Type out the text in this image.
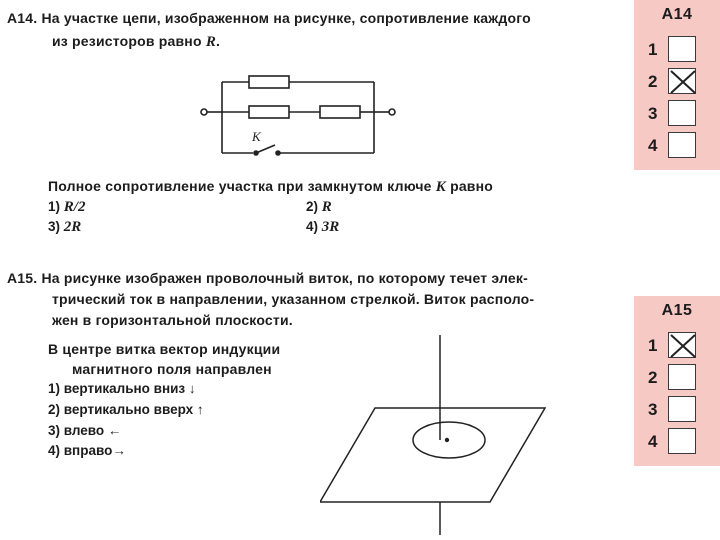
А14. На участке цепи, изображенном на рисунке, сопротивление каждого
из резисторов равно R.
K
Полное сопротивление участка при замкнутом ключе K равно
1) R/2	2) R
3) 2R	4) 3R
А15. На рисунке изображен проволочный виток, по которому течет элек-
трический ток в направлении, указанном стрелкой. Виток располо-
жен в горизонтальной плоскости.
В центре витка вектор индукции
магнитного поля направлен
1) вертикально вниз ↓
2) вертикально вверх ↑
3) влево ←
4) вправо→
А14
1
2
3
4
А15
1
2
3
4
